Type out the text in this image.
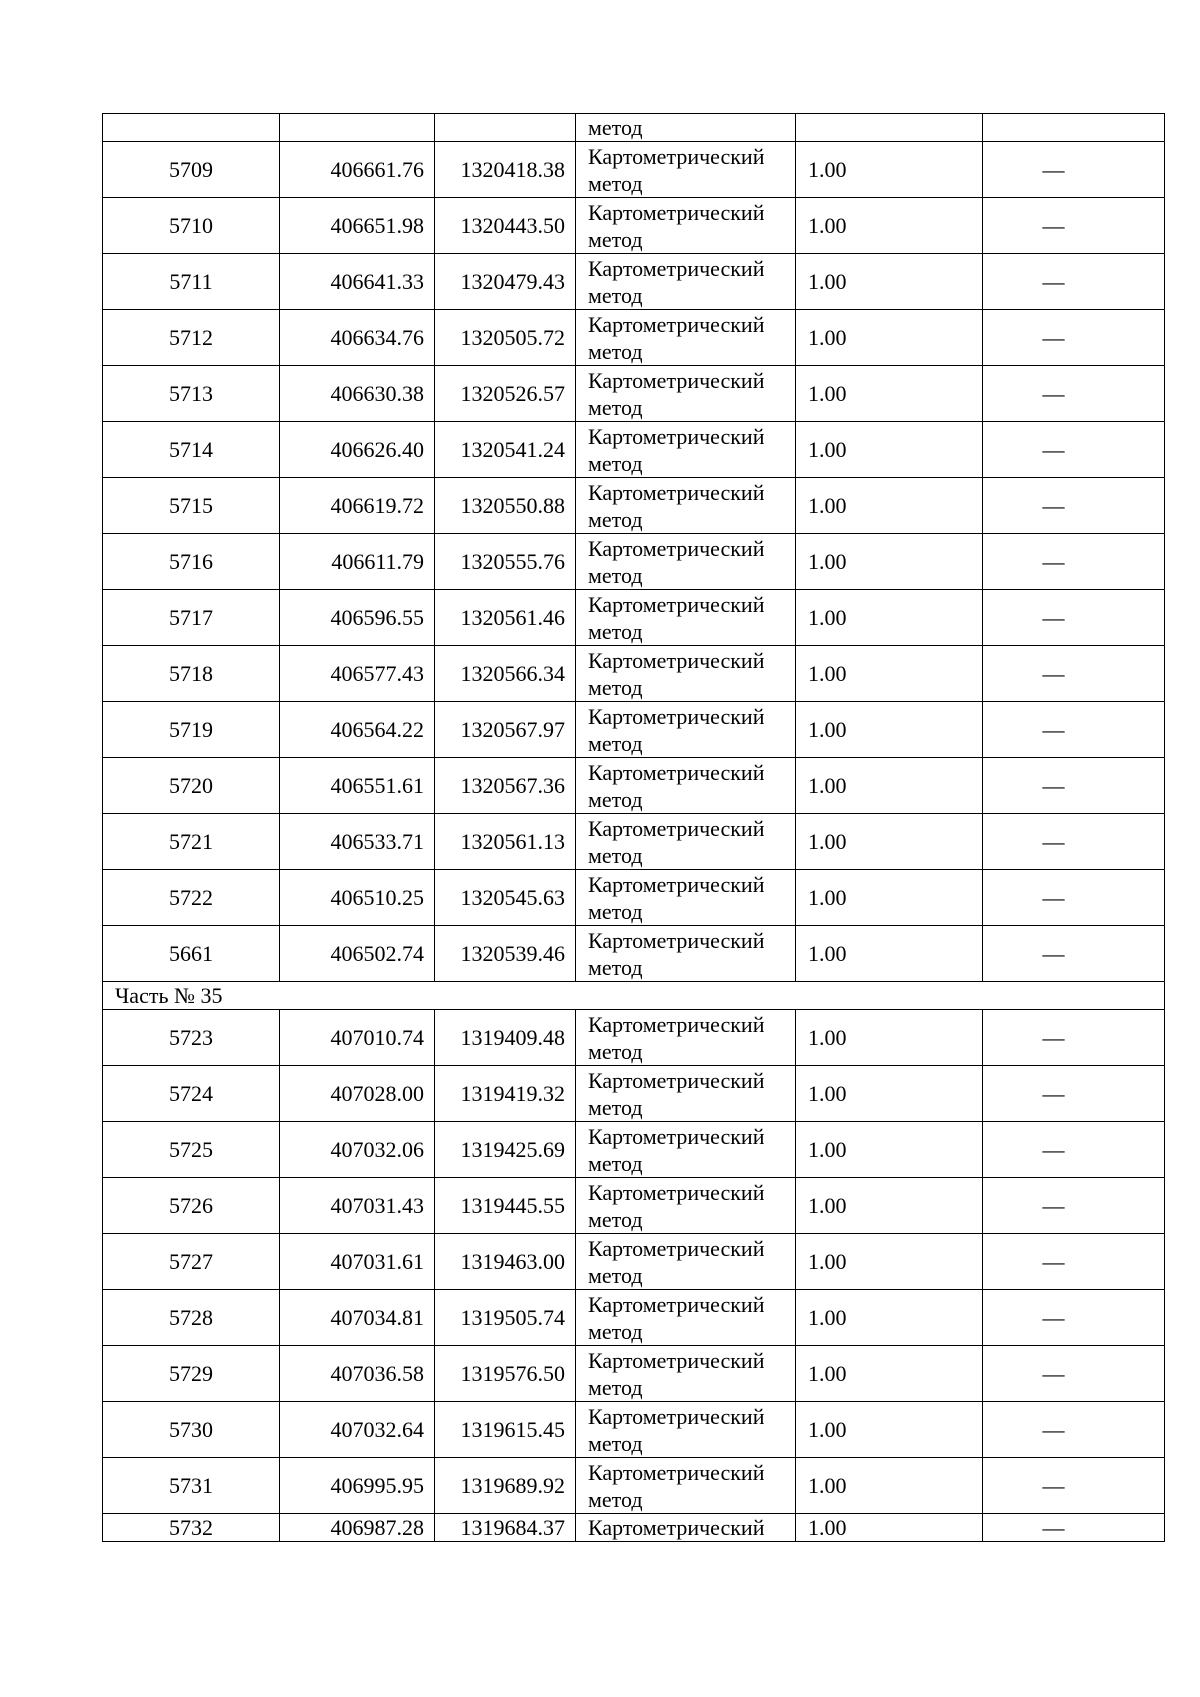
			метод		

5709	406661.76	1320418.38	Картометрический
метод	1.00	—
5710	406651.98	1320443.50	Картометрический
метод	1.00	—
5711	406641.33	1320479.43	Картометрический
метод	1.00	—
5712	406634.76	1320505.72	Картометрический
метод	1.00	—
5713	406630.38	1320526.57	Картометрический
метод	1.00	—
5714	406626.40	1320541.24	Картометрический
метод	1.00	—
5715	406619.72	1320550.88	Картометрический
метод	1.00	—
5716	406611.79	1320555.76	Картометрический
метод	1.00	—
5717	406596.55	1320561.46	Картометрический
метод	1.00	—
5718	406577.43	1320566.34	Картометрический
метод	1.00	—
5719	406564.22	1320567.97	Картометрический
метод	1.00	—
5720	406551.61	1320567.36	Картометрический
метод	1.00	—
5721	406533.71	1320561.13	Картометрический
метод	1.00	—
5722	406510.25	1320545.63	Картометрический
метод	1.00	—
5661	406502.74	1320539.46	Картометрический
метод	1.00	—
Часть № 35					
5723	407010.74	1319409.48	Картометрический
метод	1.00	—
5724	407028.00	1319419.32	Картометрический
метод	1.00	—
5725	407032.06	1319425.69	Картометрический
метод	1.00	—
5726	407031.43	1319445.55	Картометрический
метод	1.00	—
5727	407031.61	1319463.00	Картометрический
метод	1.00	—
5728	407034.81	1319505.74	Картометрический
метод	1.00	—
5729	407036.58	1319576.50	Картометрический
метод	1.00	—
5730	407032.64	1319615.45	Картометрический
метод	1.00	—
5731	406995.95	1319689.92	Картометрический
метод	1.00	—
5732	406987.28	1319684.37	Картометрический	1.00	—
